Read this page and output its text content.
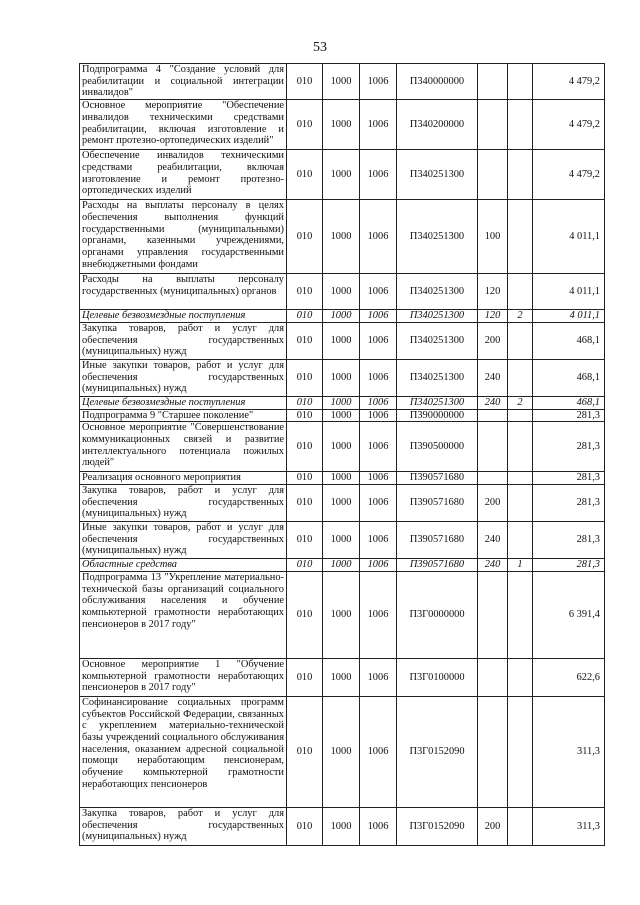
53
Подпрограмма 4 "Создание условий для реабилитации и социальной интеграции инвалидов"	010	1000	1006	П340000000			4 479,2
Основное мероприятие "Обеспечение инвалидов техническими средствами реабилитации, включая изготовление и ремонт протезно-ортопедических изделий"	010	1000	1006	П340200000			4 479,2
Обеспечение инвалидов техническими средствами реабилитации, включая изготовление и ремонт протезно-ортопедических изделий	010	1000	1006	П340251300			4 479,2
Расходы на выплаты персоналу в целях обеспечения выполнения функций государственными (муниципальными) органами, казенными учреждениями, органами управления государственными внебюджетными фондами	010	1000	1006	П340251300	100		4 011,1
Расходы на выплаты персоналу государственных (муниципальных) органов	010	1000	1006	П340251300	120		4 011,1
Целевые безвозмездные поступления	010	1000	1006	П340251300	120	2	4 011,1
Закупка товаров, работ и услуг для обеспечения государственных (муниципальных) нужд	010	1000	1006	П340251300	200		468,1
Иные закупки товаров, работ и услуг для обеспечения государственных (муниципальных) нужд	010	1000	1006	П340251300	240		468,1
Целевые безвозмездные поступления	010	1000	1006	П340251300	240	2	468,1
Подпрограмма 9 "Старшее поколение"	010	1000	1006	П390000000			281,3
Основное мероприятие "Совершенствование коммуникационных связей и развитие интеллектуального потенциала пожилых людей"	010	1000	1006	П390500000			281,3
Реализация основного мероприятия	010	1000	1006	П390571680			281,3
Закупка товаров, работ и услуг для обеспечения государственных (муниципальных) нужд	010	1000	1006	П390571680	200		281,3
Иные закупки товаров, работ и услуг для обеспечения государственных (муниципальных) нужд	010	1000	1006	П390571680	240		281,3
Областные средства	010	1000	1006	П390571680	240	1	281,3
Подпрограмма 13 "Укрепление материально-технической базы организаций социального обслуживания населения и обучение компьютерной грамотности неработающих пенсионеров в 2017 году"	010	1000	1006	П3Г0000000			6 391,4
Основное мероприятие 1 "Обучение компьютерной грамотности неработающих пенсионеров в 2017 году"	010	1000	1006	П3Г0100000			622,6
Софинансирование социальных программ субъектов Российской Федерации, связанных с укреплением материально-технической базы учреждений социального обслуживания населения, оказанием адресной социальной помощи неработающим пенсионерам, обучение компьютерной грамотности неработающих пенсионеров	010	1000	1006	П3Г0152090			311,3
Закупка товаров, работ и услуг для обеспечения государственных (муниципальных) нужд	010	1000	1006	П3Г0152090	200		311,3
